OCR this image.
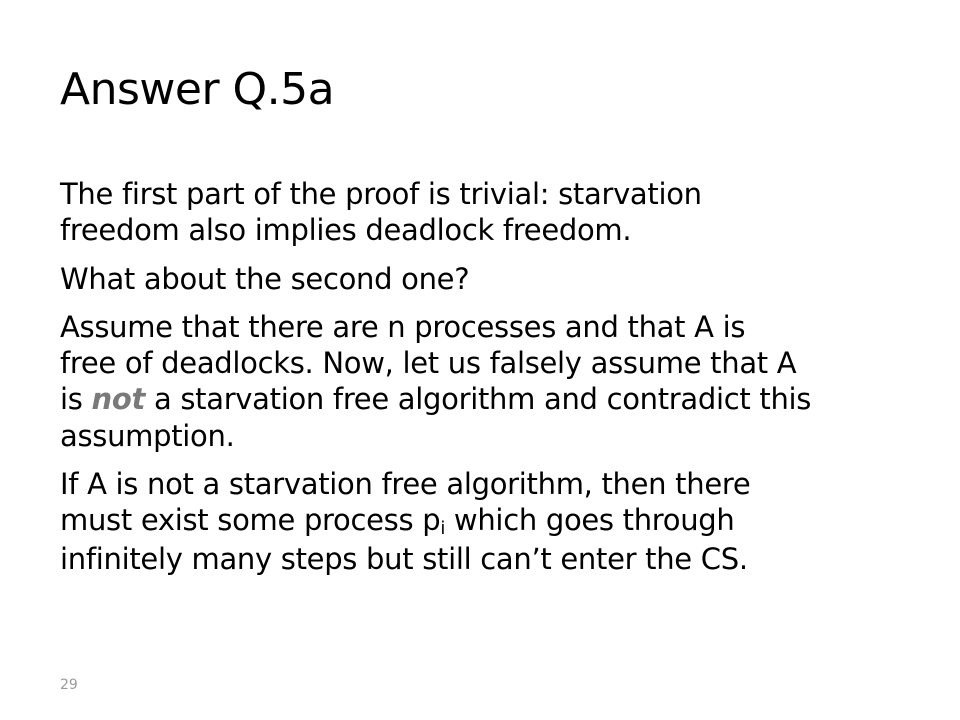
Answer Q.5a

The first part of the proof is trivial: starvation
freedom also implies deadlock freedom.

What about the second one?

Assume that there are n processes and that A is
free of deadlocks. Now, let us falsely assume that A
is not a starvation free algorithm and contradict this
assumption.

If A is not a starvation free algorithm, then there
must exist some process $p_i$ which goes through
infinitely many steps but still can’t enter the CS.

29
